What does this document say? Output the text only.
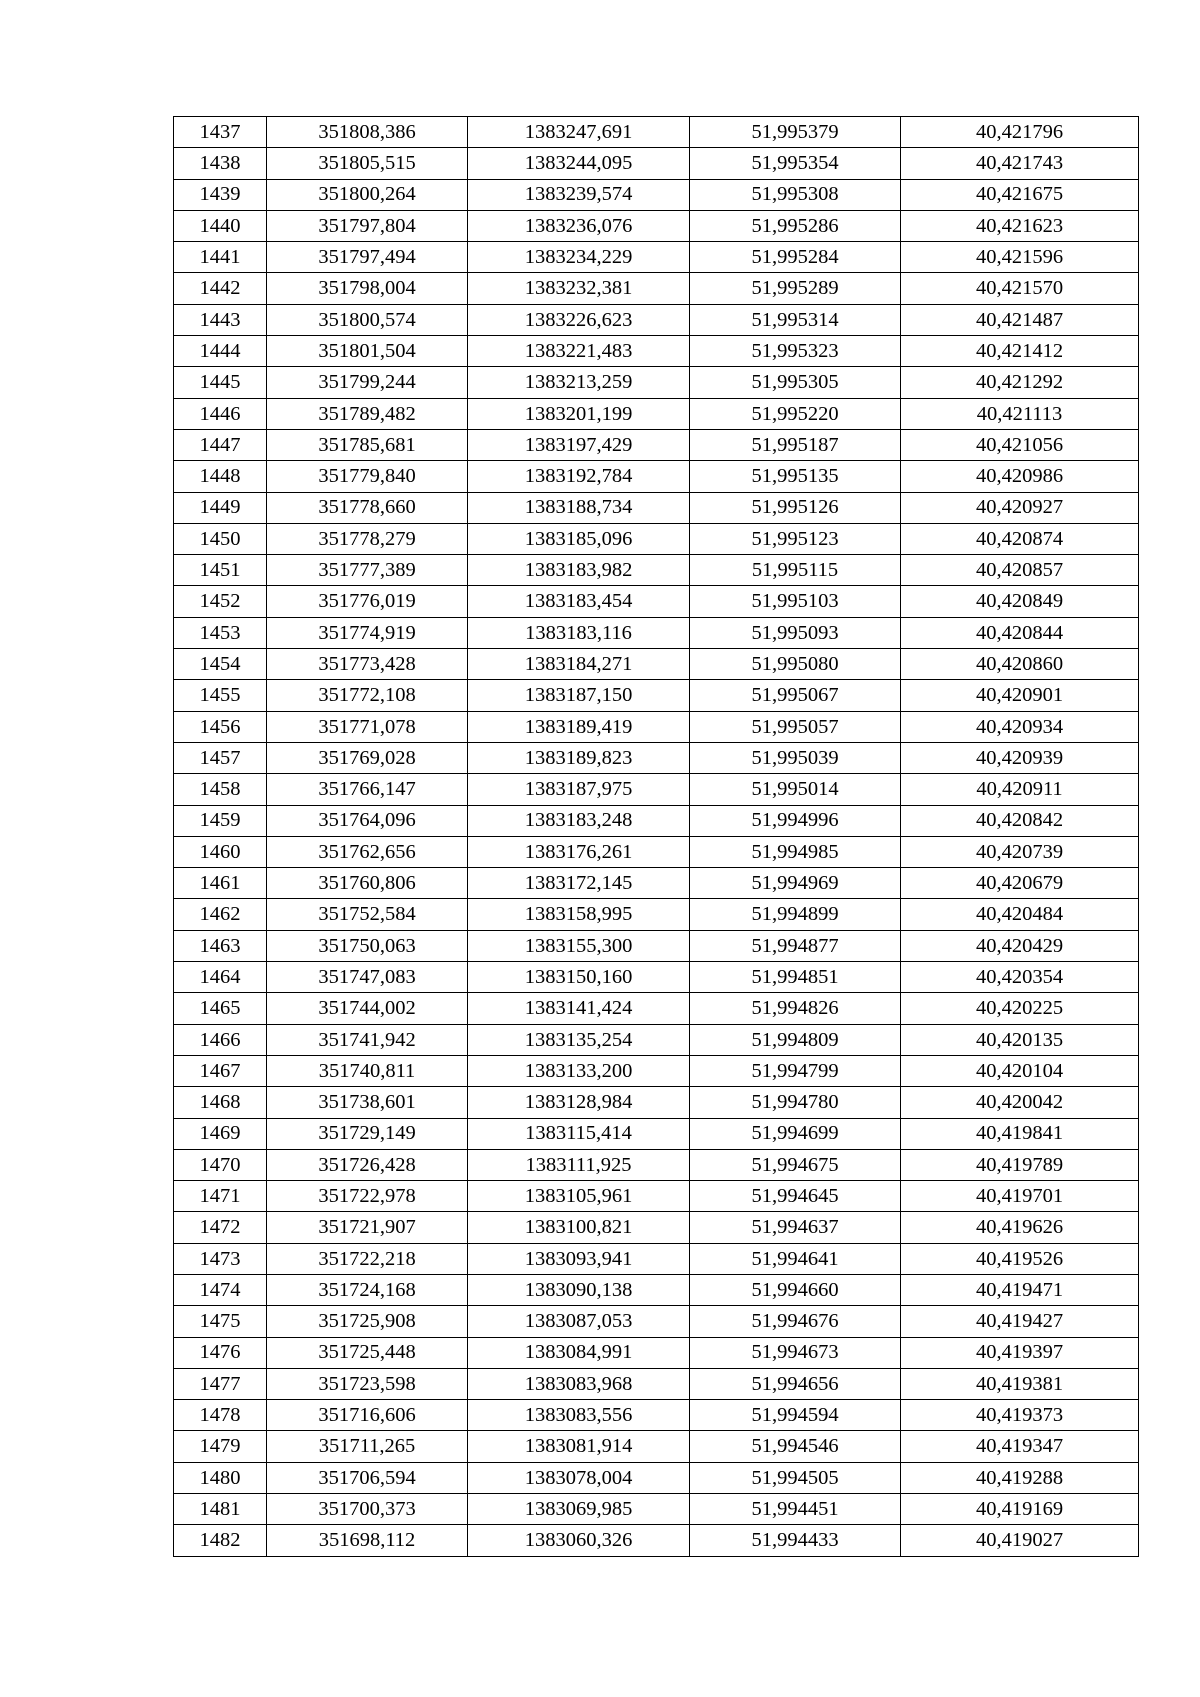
1437	351808,386	1383247,691	51,995379	40,421796
1438	351805,515	1383244,095	51,995354	40,421743
1439	351800,264	1383239,574	51,995308	40,421675
1440	351797,804	1383236,076	51,995286	40,421623
1441	351797,494	1383234,229	51,995284	40,421596
1442	351798,004	1383232,381	51,995289	40,421570
1443	351800,574	1383226,623	51,995314	40,421487
1444	351801,504	1383221,483	51,995323	40,421412
1445	351799,244	1383213,259	51,995305	40,421292
1446	351789,482	1383201,199	51,995220	40,421113
1447	351785,681	1383197,429	51,995187	40,421056
1448	351779,840	1383192,784	51,995135	40,420986
1449	351778,660	1383188,734	51,995126	40,420927
1450	351778,279	1383185,096	51,995123	40,420874
1451	351777,389	1383183,982	51,995115	40,420857
1452	351776,019	1383183,454	51,995103	40,420849
1453	351774,919	1383183,116	51,995093	40,420844
1454	351773,428	1383184,271	51,995080	40,420860
1455	351772,108	1383187,150	51,995067	40,420901
1456	351771,078	1383189,419	51,995057	40,420934
1457	351769,028	1383189,823	51,995039	40,420939
1458	351766,147	1383187,975	51,995014	40,420911
1459	351764,096	1383183,248	51,994996	40,420842
1460	351762,656	1383176,261	51,994985	40,420739
1461	351760,806	1383172,145	51,994969	40,420679
1462	351752,584	1383158,995	51,994899	40,420484
1463	351750,063	1383155,300	51,994877	40,420429
1464	351747,083	1383150,160	51,994851	40,420354
1465	351744,002	1383141,424	51,994826	40,420225
1466	351741,942	1383135,254	51,994809	40,420135
1467	351740,811	1383133,200	51,994799	40,420104
1468	351738,601	1383128,984	51,994780	40,420042
1469	351729,149	1383115,414	51,994699	40,419841
1470	351726,428	1383111,925	51,994675	40,419789
1471	351722,978	1383105,961	51,994645	40,419701
1472	351721,907	1383100,821	51,994637	40,419626
1473	351722,218	1383093,941	51,994641	40,419526
1474	351724,168	1383090,138	51,994660	40,419471
1475	351725,908	1383087,053	51,994676	40,419427
1476	351725,448	1383084,991	51,994673	40,419397
1477	351723,598	1383083,968	51,994656	40,419381
1478	351716,606	1383083,556	51,994594	40,419373
1479	351711,265	1383081,914	51,994546	40,419347
1480	351706,594	1383078,004	51,994505	40,419288
1481	351700,373	1383069,985	51,994451	40,419169
1482	351698,112	1383060,326	51,994433	40,419027
